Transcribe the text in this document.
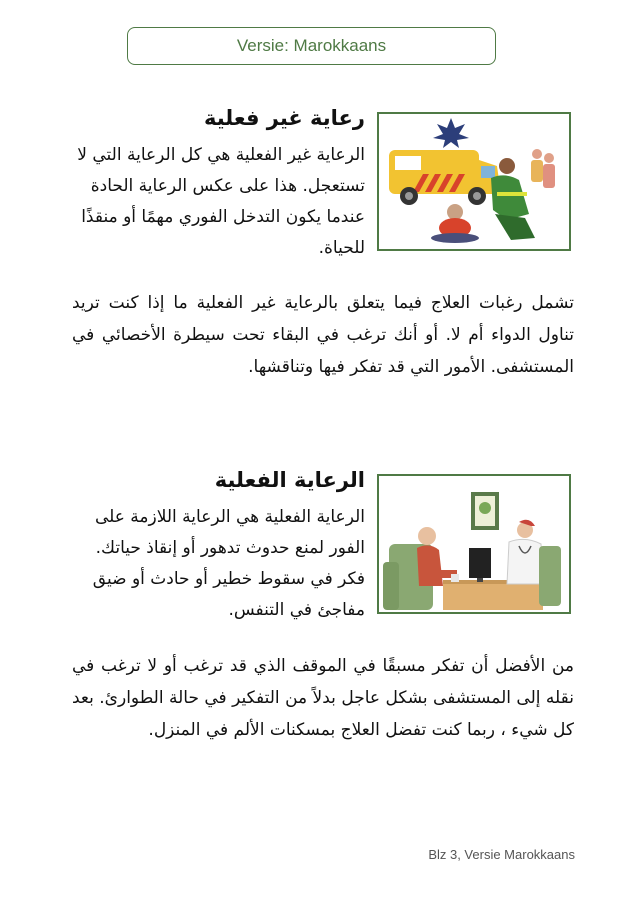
Versie: Marokkaans
رعاية غير فعلية

الرعاية غير الفعلية هي كل الرعاية التي لا تستعجل. هذا على عكس الرعاية الحادة عندما يكون التدخل الفوري مهمًا أو منقذًا للحياة.

تشمل رغبات العلاج فيما يتعلق بالرعاية غير الفعلية ما إذا كنت تريد تناول الدواء أم لا. أو أنك ترغب في البقاء تحت سيطرة الأخصائي في المستشفى. الأمور التي قد تفكر فيها وتناقشها.

الرعاية الفعلية

الرعاية الفعلية هي الرعاية اللازمة على الفور لمنع حدوث تدهور أو إنقاذ حياتك. فكر في سقوط خطير أو حادث أو ضيق مفاجئ في التنفس.

من الأفضل أن تفكر مسبقًا في الموقف الذي قد ترغب أو لا ترغب في نقله إلى المستشفى بشكل عاجل بدلاً من التفكير في حالة الطوارئ. بعد كل شيء ، ربما كنت تفضل العلاج بمسكنات الألم في المنزل.

Blz 3, Versie Marokkaans
